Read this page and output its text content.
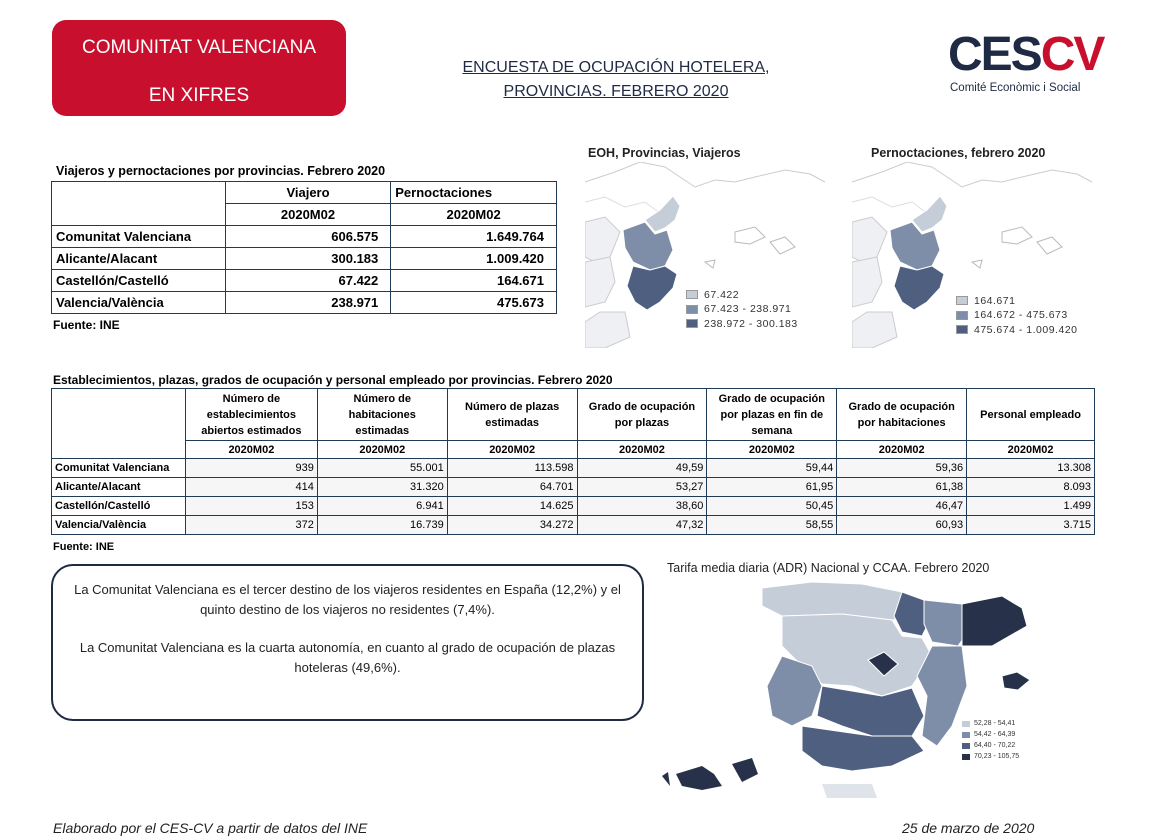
COMUNITAT VALENCIANA
EN XIFRES
ENCUESTA DE OCUPACIÓN HOTELERA,
PROVINCIAS. FEBRERO 2020
CESCV
Comité Econòmic i Social
Viajeros y pernoctaciones por provincias. Febrero 2020
	Viajero	Pernoctaciones
	2020M02	2020M02
Comunitat Valenciana	606.575	1.649.764
Alicante/Alacant	300.183	1.009.420
Castellón/Castelló	67.422	164.671
Valencia/València	238.971	475.673
Fuente: INE
EOH, Provincias, Viajeros
67.422
67.423 - 238.971
238.972 - 300.183
Pernoctaciones, febrero 2020
164.671
164.672 - 475.673
475.674 - 1.009.420
Establecimientos, plazas, grados de ocupación y personal empleado por provincias. Febrero 2020
	Número de establecimientos abiertos estimados	Número de habitaciones estimadas	Número de plazas estimadas	Grado de ocupación por plazas	Grado de ocupación por plazas en fin de semana	Grado de ocupación por habitaciones	Personal empleado
	2020M02	2020M02	2020M02	2020M02	2020M02	2020M02	2020M02
Comunitat Valenciana	939	55.001	113.598	49,59	59,44	59,36	13.308
Alicante/Alacant	414	31.320	64.701	53,27	61,95	61,38	8.093
Castellón/Castelló	153	6.941	14.625	38,60	50,45	46,47	1.499
Valencia/València	372	16.739	34.272	47,32	58,55	60,93	3.715
Fuente: INE
La Comunitat Valenciana es el tercer destino de los viajeros residentes en España (12,2%) y el quinto destino de los viajeros no residentes (7,4%).
La Comunitat Valenciana es la cuarta autonomía, en cuanto al grado de ocupación de plazas hoteleras (49,6%).
Tarifa media diaria (ADR) Nacional y CCAA. Febrero 2020
52,28 - 54,41
54,42 - 64,39
64,40 - 70,22
70,23 - 105,75
Elaborado por el CES-CV a partir de datos del INE	25 de marzo de 2020
